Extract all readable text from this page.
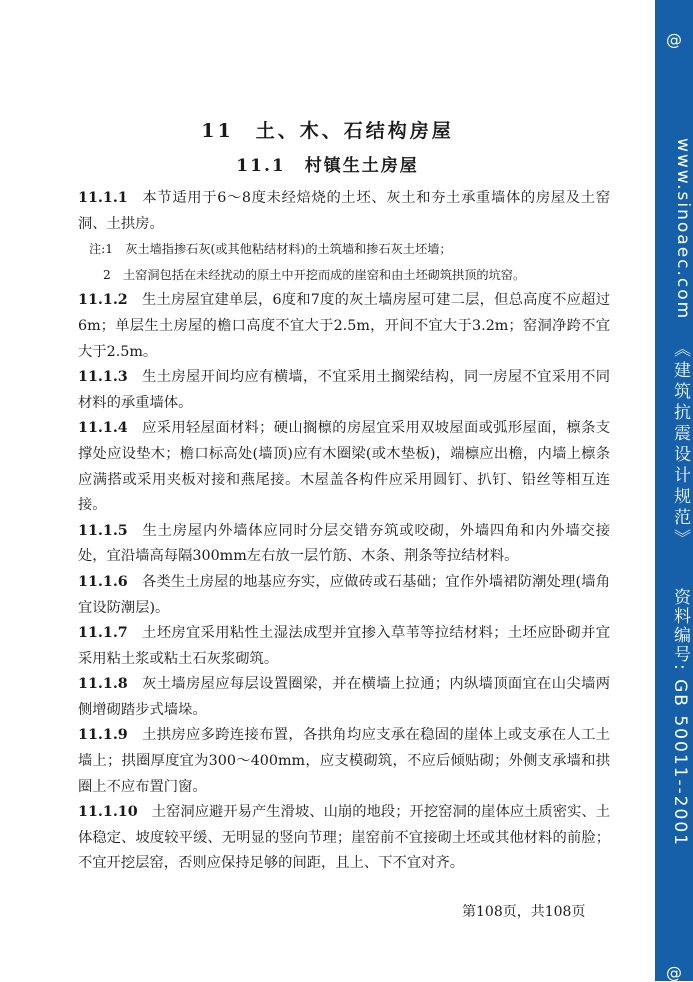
11　土、木、石结构房屋
11.1　村镇生土房屋

11.1.1 本节适用于6～8度未经焙烧的土坯、灰土和夯土承重墙体的房屋及土窑洞、土拱房。

注:1　灰土墙指掺石灰(或其他粘结材料)的土筑墙和掺石灰土坯墙；

2　土窑洞包括在未经扰动的原土中开挖而成的崖窑和由土坯砌筑拱顶的坑窑。

11.1.2 生土房屋宜建单层，6度和7度的灰土墙房屋可建二层，但总高度不应超过6m；单层生土房屋的檐口高度不宜大于2.5m，开间不宜大于3.2m；窑洞净跨不宜大于2.5m。

11.1.3 生土房屋开间均应有横墙，不宜采用土搁梁结构，同一房屋不宜采用不同材料的承重墙体。

11.1.4 应采用轻屋面材料；硬山搁檩的房屋宜采用双坡屋面或弧形屋面，檩条支撑处应设垫木；檐口标高处(墙顶)应有木圈梁(或木垫板)，端檩应出檐，内墙上檩条应满搭或采用夹板对接和燕尾接。木屋盖各构件应采用圆钉、扒钉、铅丝等相互连接。

11.1.5 生土房屋内外墙体应同时分层交错夯筑或咬砌，外墙四角和内外墙交接处，宜沿墙高每隔300mm左右放一层竹筋、木条、荆条等拉结材料。

11.1.6 各类生土房屋的地基应夯实，应做砖或石基础；宜作外墙裙防潮处理(墙角宜设防潮层)。

11.1.7 土坯房宜采用粘性土湿法成型并宜掺入草苇等拉结材料；土坯应卧砌并宜采用粘土浆或粘土石灰浆砌筑。

11.1.8 灰土墙房屋应每层设置圈梁，并在横墙上拉通；内纵墙顶面宜在山尖墙两侧增砌踏步式墙垛。

11.1.9 土拱房应多跨连接布置，各拱角均应支承在稳固的崖体上或支承在人工土墙上；拱圈厚度宜为300～400mm，应支模砌筑，不应后倾贴砌；外侧支承墙和拱圈上不应布置门窗。

11.1.10 土窑洞应避开易产生滑坡、山崩的地段；开挖窑洞的崖体应土质密实、土体稳定、坡度较平缓、无明显的竖向节理；崖窑前不宜接砌土坯或其他材料的前脸；不宜开挖层窑，否则应保持足够的间距，且上、下不宜对齐。

第108页，共108页
@
www.sinoaec.com
《建筑抗震设计规范》
资料编号: GB 50011--2001
@
